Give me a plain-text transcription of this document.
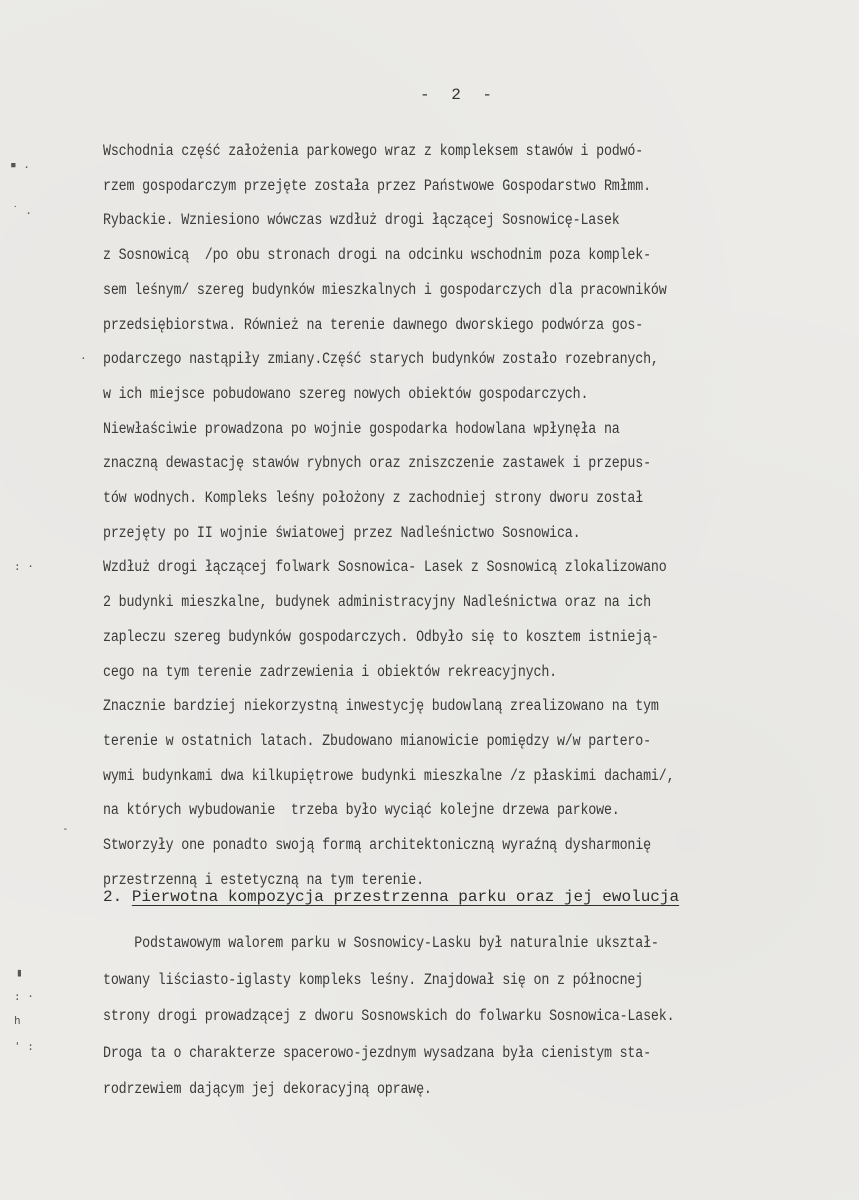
- 2 -
Wschodnia część założenia parkowego wraz z kompleksem stawów i podwó-
rzem gospodarczym przejęte została przez Państwowe Gospodarstwo Rmłmm.
Rybackie. Wzniesiono wówczas wzdłuż drogi łączącej Sosnowicę-Lasek
z Sosnowicą  /po obu stronach drogi na odcinku wschodnim poza komplek-
sem leśnym/ szereg budynków mieszkalnych i gospodarczych dla pracowników
przedsiębiorstwa. Również na terenie dawnego dworskiego podwórza gos-
podarczego nastąpiły zmiany.Część starych budynków zostało rozebranych,
w ich miejsce pobudowano szereg nowych obiektów gospodarczych.
Niewłaściwie prowadzona po wojnie gospodarka hodowlana wpłynęła na
znaczną dewastację stawów rybnych oraz zniszczenie zastawek i przepus-
tów wodnych. Kompleks leśny położony z zachodniej strony dworu został
przejęty po II wojnie światowej przez Nadleśnictwo Sosnowica.
Wzdłuż drogi łączącej folwark Sosnowica- Lasek z Sosnowicą zlokalizowano
2 budynki mieszkalne, budynek administracyjny Nadleśnictwa oraz na ich
zapleczu szereg budynków gospodarczych. Odbyło się to kosztem istnieją-
cego na tym terenie zadrzewienia i obiektów rekreacyjnych.
Znacznie bardziej niekorzystną inwestycję budowlaną zrealizowano na tym
terenie w ostatnich latach. Zbudowano mianowicie pomiędzy w/w partero-
wymi budynkami dwa kilkupiętrowe budynki mieszkalne /z płaskimi dachami/,
na których wybudowanie  trzeba było wyciąć kolejne drzewa parkowe.
Stworzyły one ponadto swoją formą architektoniczną wyraźną dysharmonię
przestrzenną i estetyczną na tym terenie.
2. Pierwotna kompozycja przestrzenna parku oraz jej ewolucja
Podstawowym walorem parku w Sosnowicy-Lasku był naturalnie ukształ-
towany liściasto-iglasty kompleks leśny. Znajdował się on z północnej
strony drogi prowadzącej z dworu Sosnowskich do folwarku Sosnowica-Lasek.
Droga ta o charakterze spacerowo-jezdnym wysadzana była cienistym sta-
rodrzewiem dającym jej dekoracyjną oprawę.
▪ .
˙ .
·
: ·
-
▮
: ·
h
' :
